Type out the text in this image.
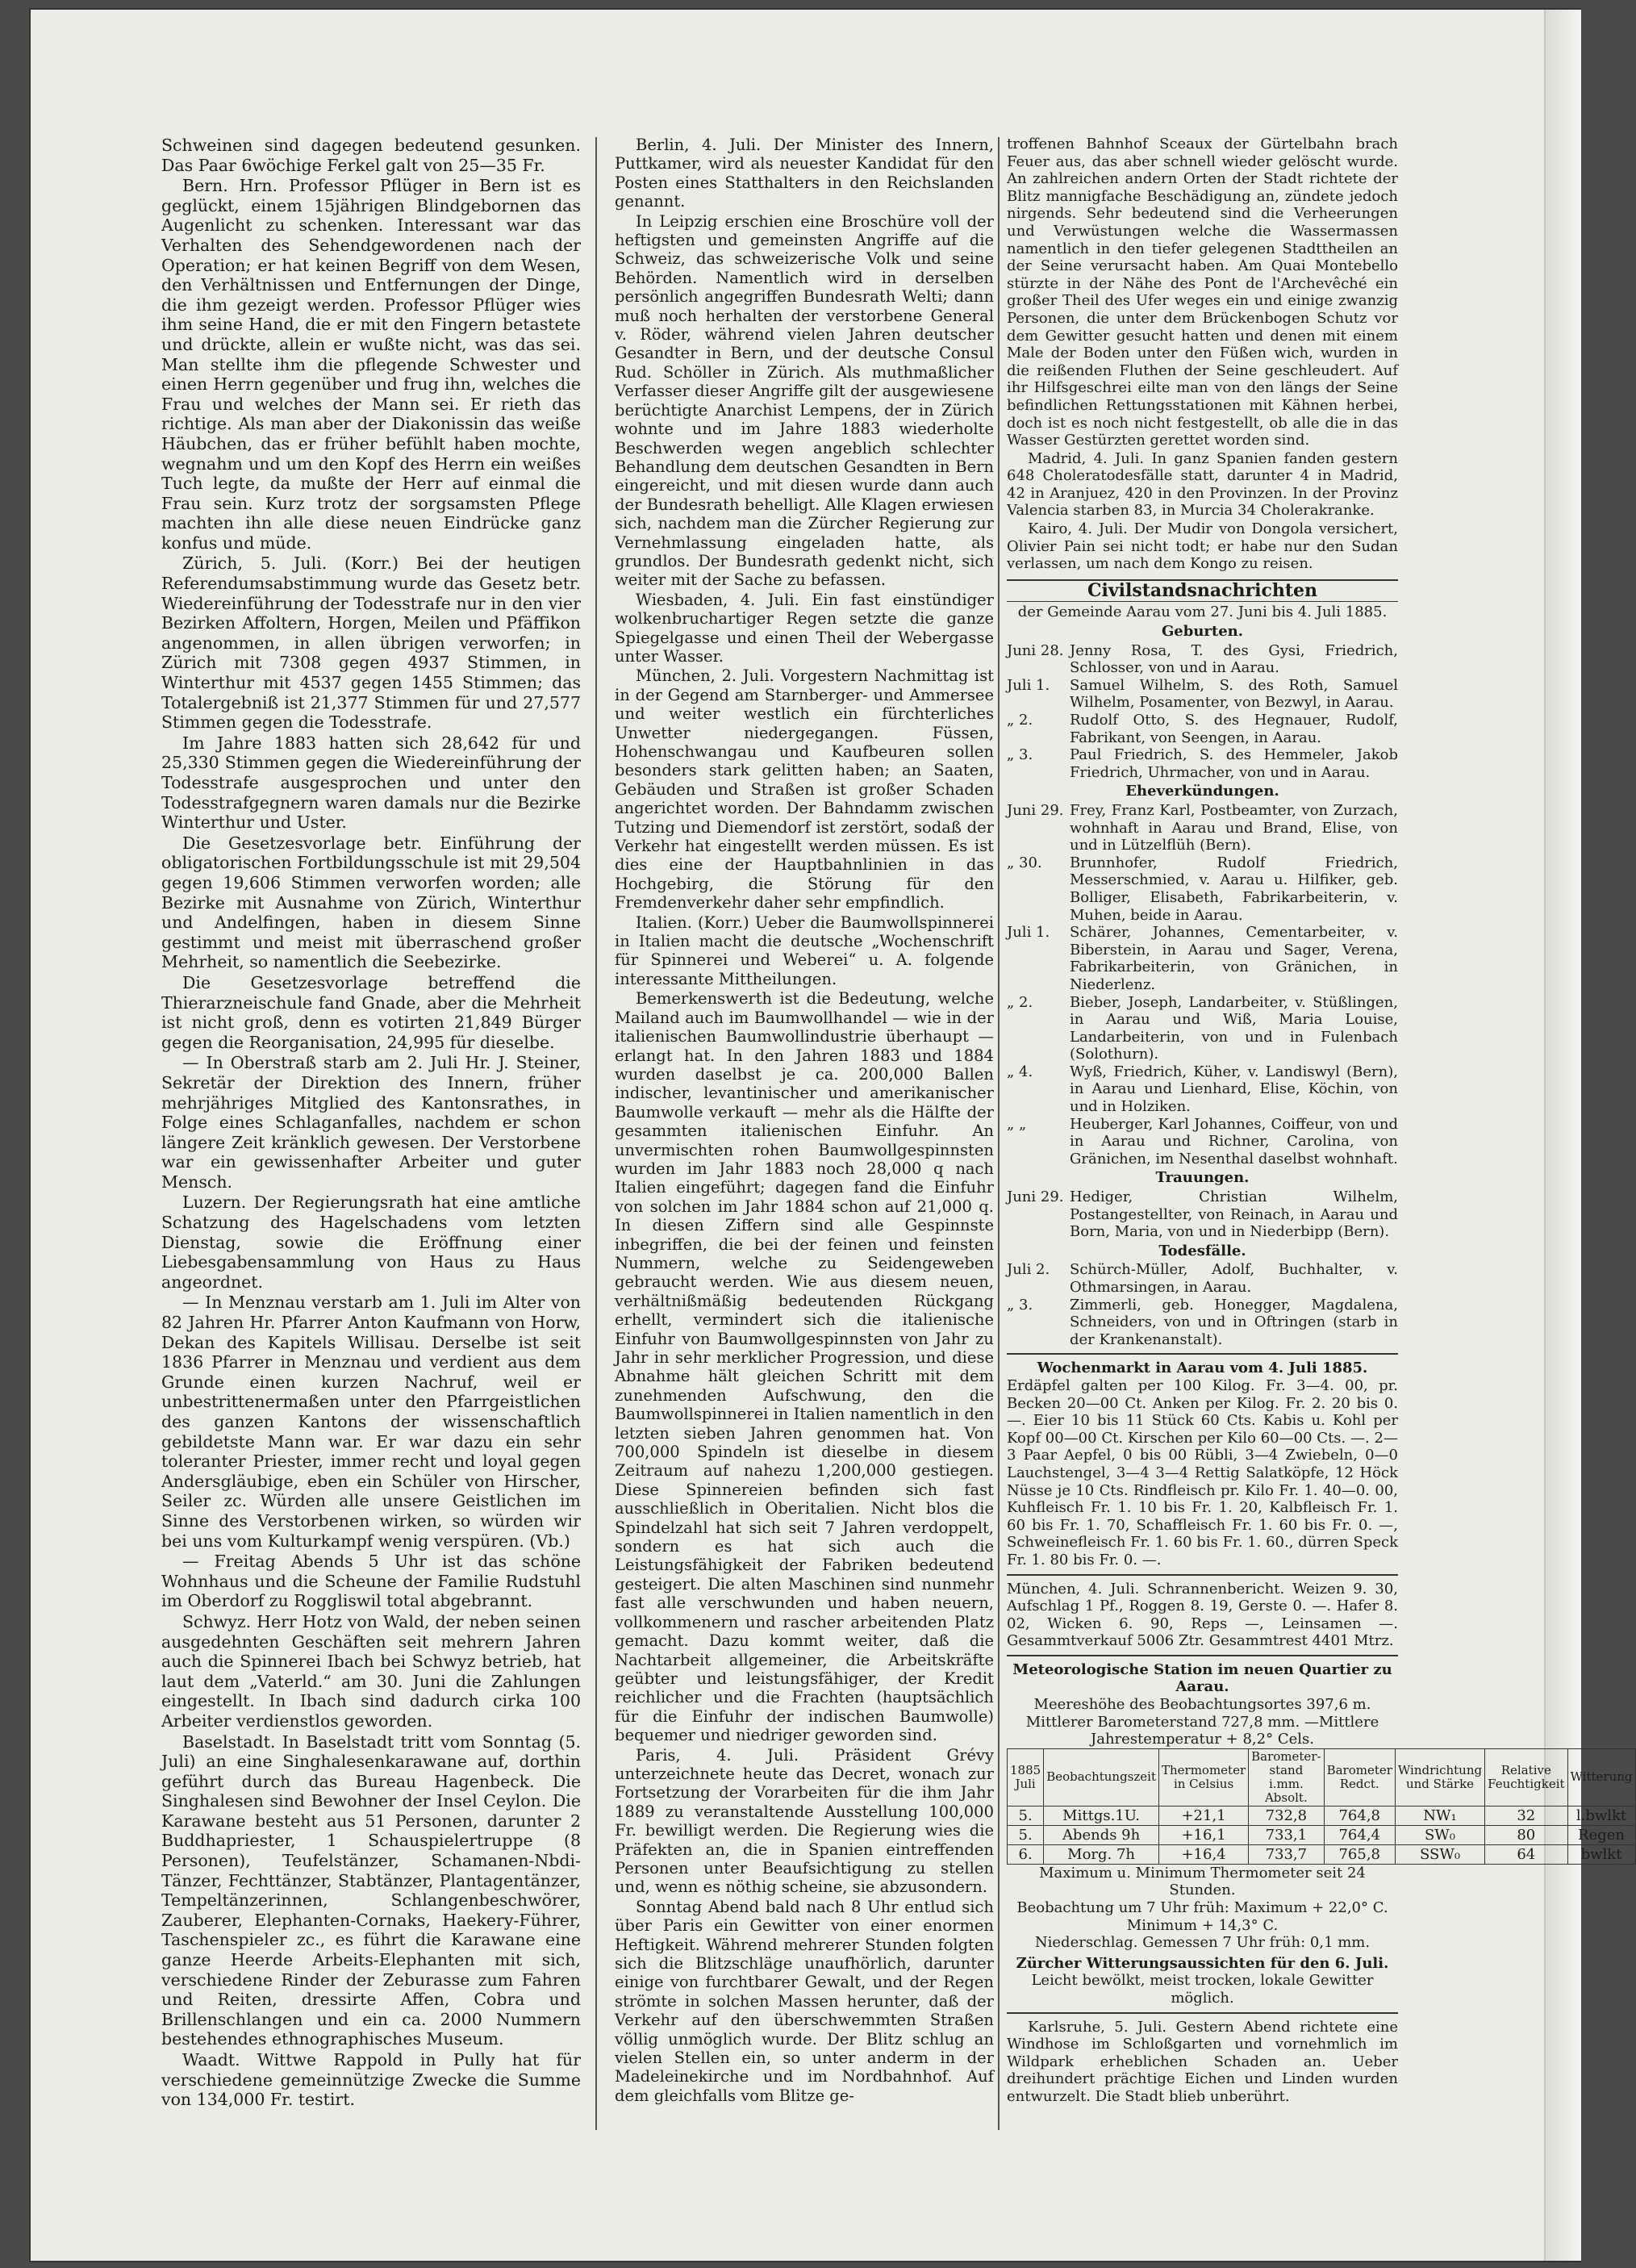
Schweinen sind dagegen bedeutend gesunken. Das Paar 6wöchige Ferkel galt von 25—35 Fr.

Bern. Hrn. Professor Pflüger in Bern ist es geglückt, einem 15jährigen Blindgebornen das Augenlicht zu schenken. Interessant war das Verhalten des Sehendgewordenen nach der Operation; er hat keinen Begriff von dem Wesen, den Verhältnissen und Entfernungen der Dinge, die ihm gezeigt werden. Professor Pflüger wies ihm seine Hand, die er mit den Fingern betastete und drückte, allein er wußte nicht, was das sei. Man stellte ihm die pflegende Schwester und einen Herrn gegenüber und frug ihn, welches die Frau und welches der Mann sei. Er rieth das richtige. Als man aber der Diakonissin das weiße Häubchen, das er früher befühlt haben mochte, wegnahm und um den Kopf des Herrn ein weißes Tuch legte, da mußte der Herr auf einmal die Frau sein. Kurz trotz der sorgsamsten Pflege machten ihn alle diese neuen Eindrücke ganz konfus und müde.

Zürich, 5. Juli. (Korr.) Bei der heutigen Referendumsabstimmung wurde das Gesetz betr. Wiedereinführung der Todesstrafe nur in den vier Bezirken Affoltern, Horgen, Meilen und Pfäffikon angenommen, in allen übrigen verworfen; in Zürich mit 7308 gegen 4937 Stimmen, in Winterthur mit 4537 gegen 1455 Stimmen; das Totalergebniß ist 21,377 Stimmen für und 27,577 Stimmen gegen die Todesstrafe.

Im Jahre 1883 hatten sich 28,642 für und 25,330 Stimmen gegen die Wiedereinführung der Todesstrafe ausgesprochen und unter den Todesstrafgegnern waren damals nur die Bezirke Winterthur und Uster.

Die Gesetzesvorlage betr. Einführung der obligatorischen Fortbildungsschule ist mit 29,504 gegen 19,606 Stimmen verworfen worden; alle Bezirke mit Ausnahme von Zürich, Winterthur und Andelfingen, haben in diesem Sinne gestimmt und meist mit überraschend großer Mehrheit, so namentlich die Seebezirke.

Die Gesetzesvorlage betreffend die Thierarzneischule fand Gnade, aber die Mehrheit ist nicht groß, denn es votirten 21,849 Bürger gegen die Reorganisation, 24,995 für dieselbe.

— In Oberstraß starb am 2. Juli Hr. J. Steiner, Sekretär der Direktion des Innern, früher mehrjähriges Mitglied des Kantonsrathes, in Folge eines Schlaganfalles, nachdem er schon längere Zeit kränklich gewesen. Der Verstorbene war ein gewissenhafter Arbeiter und guter Mensch.

Luzern. Der Regierungsrath hat eine amtliche Schatzung des Hagelschadens vom letzten Dienstag, sowie die Eröffnung einer Liebesgabensammlung von Haus zu Haus angeordnet.

— In Menznau verstarb am 1. Juli im Alter von 82 Jahren Hr. Pfarrer Anton Kaufmann von Horw, Dekan des Kapitels Willisau. Derselbe ist seit 1836 Pfarrer in Menznau und verdient aus dem Grunde einen kurzen Nachruf, weil er unbestrittenermaßen unter den Pfarrgeistlichen des ganzen Kantons der wissenschaftlich gebildetste Mann war. Er war dazu ein sehr toleranter Priester, immer recht und loyal gegen Andersgläubige, eben ein Schüler von Hirscher, Seiler zc. Würden alle unsere Geistlichen im Sinne des Verstorbenen wirken, so würden wir bei uns vom Kulturkampf wenig verspüren. (Vb.)

— Freitag Abends 5 Uhr ist das schöne Wohnhaus und die Scheune der Familie Rudstuhl im Oberdorf zu Roggliswil total abgebrannt.

Schwyz. Herr Hotz von Wald, der neben seinen ausgedehnten Geschäften seit mehrern Jahren auch die Spinnerei Ibach bei Schwyz betrieb, hat laut dem „Vaterld.“ am 30. Juni die Zahlungen eingestellt. In Ibach sind dadurch cirka 100 Arbeiter verdienstlos geworden.

Baselstadt. In Baselstadt tritt vom Sonntag (5. Juli) an eine Singhalesenkarawane auf, dorthin geführt durch das Bureau Hagenbeck. Die Singhalesen sind Bewohner der Insel Ceylon. Die Karawane besteht aus 51 Personen, darunter 2 Buddhapriester, 1 Schauspielertruppe (8 Personen), Teufelstänzer, Schamanen-Nbdi-Tänzer, Fechttänzer, Stabtänzer, Plantagentänzer, Tempeltänzerinnen, Schlangenbeschwörer, Zauberer, Elephanten-Cornaks, Haekery-Führer, Taschenspieler zc., es führt die Karawane eine ganze Heerde Arbeits-Elephanten mit sich, verschiedene Rinder der Zeburasse zum Fahren und Reiten, dressirte Affen, Cobra und Brillenschlangen und ein ca. 2000 Nummern bestehendes ethnographisches Museum.

Waadt. Wittwe Rappold in Pully hat für verschiedene gemeinnützige Zwecke die Summe von 134,000 Fr. testirt.

Berlin, 4. Juli. Der Minister des Innern, Puttkamer, wird als neuester Kandidat für den Posten eines Statthalters in den Reichslanden genannt.

In Leipzig erschien eine Broschüre voll der heftigsten und gemeinsten Angriffe auf die Schweiz, das schweizerische Volk und seine Behörden. Namentlich wird in derselben persönlich angegriffen Bundesrath Welti; dann muß noch herhalten der verstorbene General v. Röder, während vielen Jahren deutscher Gesandter in Bern, und der deutsche Consul Rud. Schöller in Zürich. Als muthmaßlicher Verfasser dieser Angriffe gilt der ausgewiesene berüchtigte Anarchist Lempens, der in Zürich wohnte und im Jahre 1883 wiederholte Beschwerden wegen angeblich schlechter Behandlung dem deutschen Gesandten in Bern eingereicht, und mit diesen wurde dann auch der Bundesrath behelligt. Alle Klagen erwiesen sich, nachdem man die Zürcher Regierung zur Vernehmlassung eingeladen hatte, als grundlos. Der Bundesrath gedenkt nicht, sich weiter mit der Sache zu befassen.

Wiesbaden, 4. Juli. Ein fast einstündiger wolkenbruchartiger Regen setzte die ganze Spiegelgasse und einen Theil der Webergasse unter Wasser.

München, 2. Juli. Vorgestern Nachmittag ist in der Gegend am Starnberger- und Ammersee und weiter westlich ein fürchterliches Unwetter niedergegangen. Füssen, Hohenschwangau und Kaufbeuren sollen besonders stark gelitten haben; an Saaten, Gebäuden und Straßen ist großer Schaden angerichtet worden. Der Bahndamm zwischen Tutzing und Diemendorf ist zerstört, sodaß der Verkehr hat eingestellt werden müssen. Es ist dies eine der Hauptbahnlinien in das Hochgebirg, die Störung für den Fremdenverkehr daher sehr empfindlich.

Italien. (Korr.) Ueber die Baumwollspinnerei in Italien macht die deutsche „Wochenschrift für Spinnerei und Weberei“ u. A. folgende interessante Mittheilungen.

Bemerkenswerth ist die Bedeutung, welche Mailand auch im Baumwollhandel — wie in der italienischen Baumwollindustrie überhaupt — erlangt hat. In den Jahren 1883 und 1884 wurden daselbst je ca. 200,000 Ballen indischer, levantinischer und amerikanischer Baumwolle verkauft — mehr als die Hälfte der gesammten italienischen Einfuhr. An unvermischten rohen Baumwollgespinnsten wurden im Jahr 1883 noch 28,000 q nach Italien eingeführt; dagegen fand die Einfuhr von solchen im Jahr 1884 schon auf 21,000 q. In diesen Ziffern sind alle Gespinnste inbegriffen, die bei der feinen und feinsten Nummern, welche zu Seidengeweben gebraucht werden. Wie aus diesem neuen, verhältnißmäßig bedeutenden Rückgang erhellt, vermindert sich die italienische Einfuhr von Baumwollgespinnsten von Jahr zu Jahr in sehr merklicher Progression, und diese Abnahme hält gleichen Schritt mit dem zunehmenden Aufschwung, den die Baumwollspinnerei in Italien namentlich in den letzten sieben Jahren genommen hat. Von 700,000 Spindeln ist dieselbe in diesem Zeitraum auf nahezu 1,200,000 gestiegen. Diese Spinnereien befinden sich fast ausschließlich in Oberitalien. Nicht blos die Spindelzahl hat sich seit 7 Jahren verdoppelt, sondern es hat sich auch die Leistungsfähigkeit der Fabriken bedeutend gesteigert. Die alten Maschinen sind nunmehr fast alle verschwunden und haben neuern, vollkommenern und rascher arbeitenden Platz gemacht. Dazu kommt weiter, daß die Nachtarbeit allgemeiner, die Arbeitskräfte geübter und leistungsfähiger, der Kredit reichlicher und die Frachten (hauptsächlich für die Einfuhr der indischen Baumwolle) bequemer und niedriger geworden sind.

Paris, 4. Juli. Präsident Grévy unterzeichnete heute das Decret, wonach zur Fortsetzung der Vorarbeiten für die ihm Jahr 1889 zu veranstaltende Ausstellung 100,000 Fr. bewilligt werden. Die Regierung wies die Präfekten an, die in Spanien eintreffenden Personen unter Beaufsichtigung zu stellen und, wenn es nöthig scheine, sie abzusondern.

Sonntag Abend bald nach 8 Uhr entlud sich über Paris ein Gewitter von einer enormen Heftigkeit. Während mehrerer Stunden folgten sich die Blitzschläge unaufhörlich, darunter einige von furchtbarer Gewalt, und der Regen strömte in solchen Massen herunter, daß der Verkehr auf den überschwemmten Straßen völlig unmöglich wurde. Der Blitz schlug an vielen Stellen ein, so unter anderm in der Madeleinekirche und im Nordbahnhof. Auf dem gleichfalls vom Blitze ge-

troffenen Bahnhof Sceaux der Gürtelbahn brach Feuer aus, das aber schnell wieder gelöscht wurde. An zahlreichen andern Orten der Stadt richtete der Blitz mannigfache Beschädigung an, zündete jedoch nirgends. Sehr bedeutend sind die Verheerungen und Verwüstungen welche die Wassermassen namentlich in den tiefer gelegenen Stadttheilen an der Seine verursacht haben. Am Quai Montebello stürzte in der Nähe des Pont de l'Archevêché ein großer Theil des Ufer weges ein und einige zwanzig Personen, die unter dem Brückenbogen Schutz vor dem Gewitter gesucht hatten und denen mit einem Male der Boden unter den Füßen wich, wurden in die reißenden Fluthen der Seine geschleudert. Auf ihr Hilfsgeschrei eilte man von den längs der Seine befindlichen Rettungsstationen mit Kähnen herbei, doch ist es noch nicht festgestellt, ob alle die in das Wasser Gestürzten gerettet worden sind.

Madrid, 4. Juli. In ganz Spanien fanden gestern 648 Choleratodesfälle statt, darunter 4 in Madrid, 42 in Aranjuez, 420 in den Provinzen. In der Provinz Valencia starben 83, in Murcia 34 Cholerakranke.

Kairo, 4. Juli. Der Mudir von Dongola versichert, Olivier Pain sei nicht todt; er habe nur den Sudan verlassen, um nach dem Kongo zu reisen.

Civilstandsnachrichten
der Gemeinde Aarau vom 27. Juni bis 4. Juli 1885.
Geburten.
Juni 28. Jenny Rosa, T. des Gysi, Friedrich, Schlosser, von und in Aarau.
Juli 1.	Samuel Wilhelm, S. des Roth, Samuel Wilhelm, Posamenter, von Bezwyl, in Aarau.
„ 2.	Rudolf Otto, S. des Hegnauer, Rudolf, Fabrikant, von Seengen, in Aarau.
„ 3.	Paul Friedrich, S. des Hemmeler, Jakob Friedrich, Uhrmacher, von und in Aarau.
Eheverkündungen.
Juni 29. Frey, Franz Karl, Postbeamter, von Zurzach, wohnhaft in Aarau und Brand, Elise, von und in Lützelflüh (Bern).
„ 30.	Brunnhofer, Rudolf Friedrich, Messerschmied, v. Aarau u. Hilfiker, geb. Bolliger, Elisabeth, Fabrikarbeiterin, v. Muhen, beide in Aarau.
Juli 1.	Schärer, Johannes, Cementarbeiter, v. Biberstein, in Aarau und Sager, Verena, Fabrikarbeiterin, von Gränichen, in Niederlenz.
„ 2.	Bieber, Joseph, Landarbeiter, v. Stüßlingen, in Aarau und Wiß, Maria Louise, Landarbeiterin, von und in Fulenbach (Solothurn).
„ 4.	Wyß, Friedrich, Küher, v. Landiswyl (Bern), in Aarau und Lienhard, Elise, Köchin, von und in Holziken.
„ „	Heuberger, Karl Johannes, Coiffeur, von und in Aarau und Richner, Carolina, von Gränichen, im Nesenthal daselbst wohnhaft.
Trauungen.
Juni 29. Hediger, Christian Wilhelm, Postangestellter, von Reinach, in Aarau und Born, Maria, von und in Niederbipp (Bern).
Todesfälle.
Juli 2.	Schürch-Müller, Adolf, Buchhalter, v. Othmarsingen, in Aarau.
„ 3.	Zimmerli, geb. Honegger, Magdalena, Schneiders, von und in Oftringen (starb in der Krankenanstalt).
Wochenmarkt in Aarau vom 4. Juli 1885.
Erdäpfel galten per 100 Kilog. Fr. 3—4. 00, pr. Becken 20—00 Ct. Anken per Kilog. Fr. 2. 20 bis 0. —. Eier 10 bis 11 Stück 60 Cts. Kabis u. Kohl per Kopf 00—00 Ct. Kirschen per Kilo 60—00 Cts. —. 2—3 Paar Aepfel, 0 bis 00 Rübli, 3—4 Zwiebeln, 0—0 Lauchstengel, 3—4 3—4 Rettig Salatköpfe, 12 Höck Nüsse je 10 Cts. Rindfleisch pr. Kilo Fr. 1. 40—0. 00, Kuhfleisch Fr. 1. 10 bis Fr. 1. 20, Kalbfleisch Fr. 1. 60 bis Fr. 1. 70, Schaffleisch Fr. 1. 60 bis Fr. 0. —, Schweinefleisch Fr. 1. 60 bis Fr. 1. 60., dürren Speck Fr. 1. 80 bis Fr. 0. —.
München, 4. Juli. Schrannenbericht. Weizen 9. 30, Aufschlag 1 Pf., Roggen 8. 19, Gerste 0. —. Hafer 8. 02, Wicken 6. 90, Reps —, Leinsamen —. Gesammtverkauf 5006 Ztr. Gesammtrest 4401 Mtrz.
Meteorologische Station im neuen Quartier zu Aarau.
Meereshöhe des Beobachtungsortes 397,6 m.
Mittlerer Barometerstand 727,8 mm. —Mittlere
Jahrestemperatur + 8,2° Cels.
1885 Juli	Beobachtungszeit	Thermometer in Celsius	Barometer-stand i.mm. Absolt.	Barometer Redct.	Windrichtung und Stärke	Relative Feuchtigkeit	Witterung
5.	Mittgs.1U.	+21,1	732,8	764,8	NW₁	32	l.bwlkt
5.	Abends 9h	+16,1	733,1	764,4	SW₀	80	Regen
6.	Morg. 7h	+16,4	733,7	765,8	SSW₀	64	bwlkt
Maximum u. Minimum Thermometer seit 24 Stunden.
Beobachtung um 7 Uhr früh: Maximum + 22,0° C.
Minimum + 14,3° C.
Niederschlag. Gemessen 7 Uhr früh: 0,1 mm.
Zürcher Witterungsaussichten für den 6. Juli.
Leicht bewölkt, meist trocken, lokale Gewitter möglich.

Karlsruhe, 5. Juli. Gestern Abend richtete eine Windhose im Schloßgarten und vornehmlich im Wildpark erheblichen Schaden an. Ueber dreihundert prächtige Eichen und Linden wurden entwurzelt. Die Stadt blieb unberührt.
